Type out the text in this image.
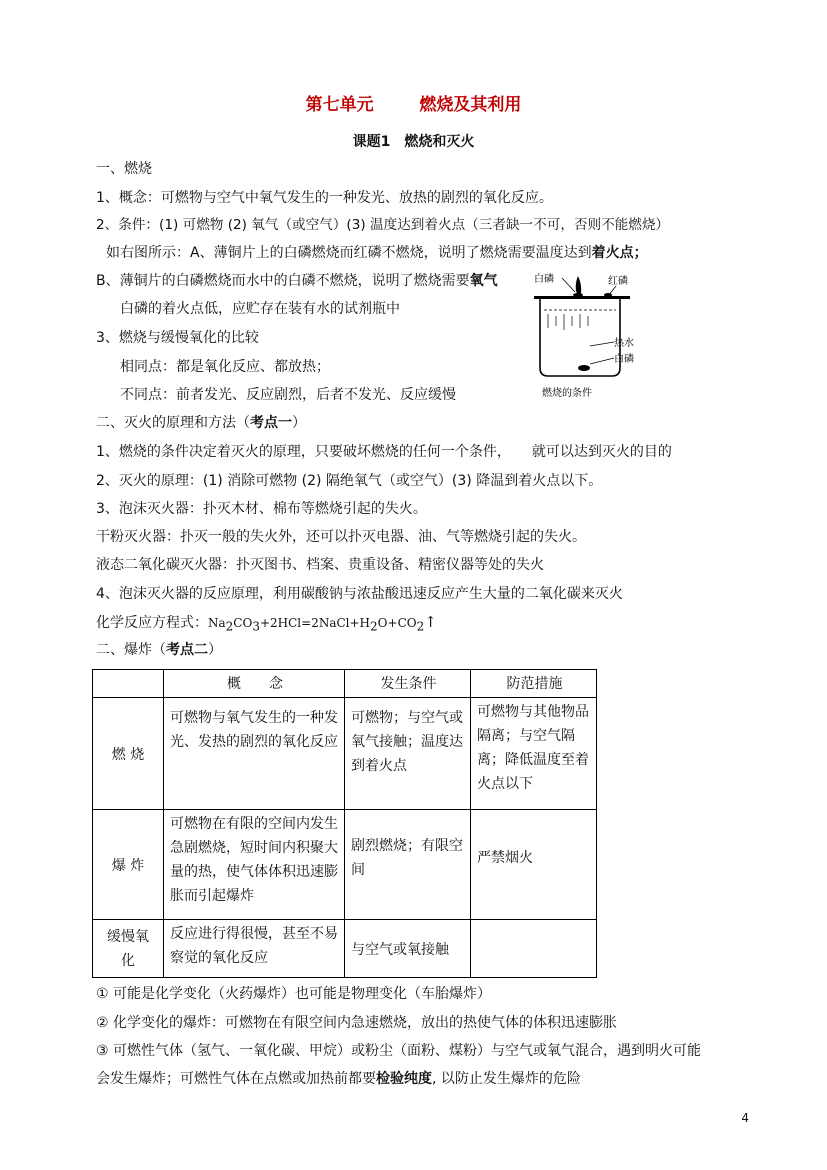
第七单元	燃烧及其利用
课题1　燃烧和灭火
一、燃烧
1、概念：可燃物与空气中氧气发生的一种发光、放热的剧烈的氧化反应。
2、条件：(1) 可燃物 (2) 氧气（或空气）(3) 温度达到着火点（三者缺一不可，否则不能燃烧）
如右图所示：A、薄铜片上的白磷燃烧而红磷不燃烧，说明了燃烧需要温度达到着火点；
B、薄铜片的白磷燃烧而水中的白磷不燃烧，说明了燃烧需要氧气
白磷的着火点低，应贮存在装有水的试剂瓶中
3、燃烧与缓慢氧化的比较
相同点：都是氧化反应、都放热；
不同点：前者发光、反应剧烈，后者不发光、反应缓慢
白磷	红磷
热水
白磷
燃烧的条件
二、灭火的原理和方法（考点一）
1、燃烧的条件决定着灭火的原理，只要破坏燃烧的任何一个条件，　　就可以达到灭火的目的
2、灭火的原理：(1) 消除可燃物 (2) 隔绝氧气（或空气）(3) 降温到着火点以下。
3、泡沫灭火器：扑灭木材、棉布等燃烧引起的失火。
干粉灭火器：扑灭一般的失火外，还可以扑灭电器、油、气等燃烧引起的失火。
液态二氧化碳灭火器：扑灭图书、档案、贵重设备、精密仪器等处的失火
4、泡沫灭火器的反应原理，利用碳酸钠与浓盐酸迅速反应产生大量的二氧化碳来灭火
化学反应方程式：$Na_2CO_3+2HCl=2NaCl+H_2O+CO_2↑$
二、爆炸（考点二）

	概　　念	发生条件	防范措施

燃 烧	可燃物与氧气发生的一种发光、发热的剧烈的氧化反应	可燃物；与空气或氧气接触；温度达到着火点	可燃物与其他物品隔离；与空气隔离；降低温度至着火点以下

爆 炸	可燃物在有限的空间内发生急剧燃烧，短时间内积聚大量的热，使气体体积迅速膨胀而引起爆炸	剧烈燃烧；有限空间	严禁烟火

缓慢氧化	反应进行得很慢，甚至不易察觉的氧化反应	与空气或氧接触	

① 可能是化学变化（火药爆炸）也可能是物理变化（车胎爆炸）
② 化学变化的爆炸：可燃物在有限空间内急速燃烧，放出的热使气体的体积迅速膨胀
③ 可燃性气体（氢气、一氧化碳、甲烷）或粉尘（面粉、煤粉）与空气或氧气混合，遇到明火可能
会发生爆炸；可燃性气体在点燃或加热前都要检验纯度, 以防止发生爆炸的危险
4
